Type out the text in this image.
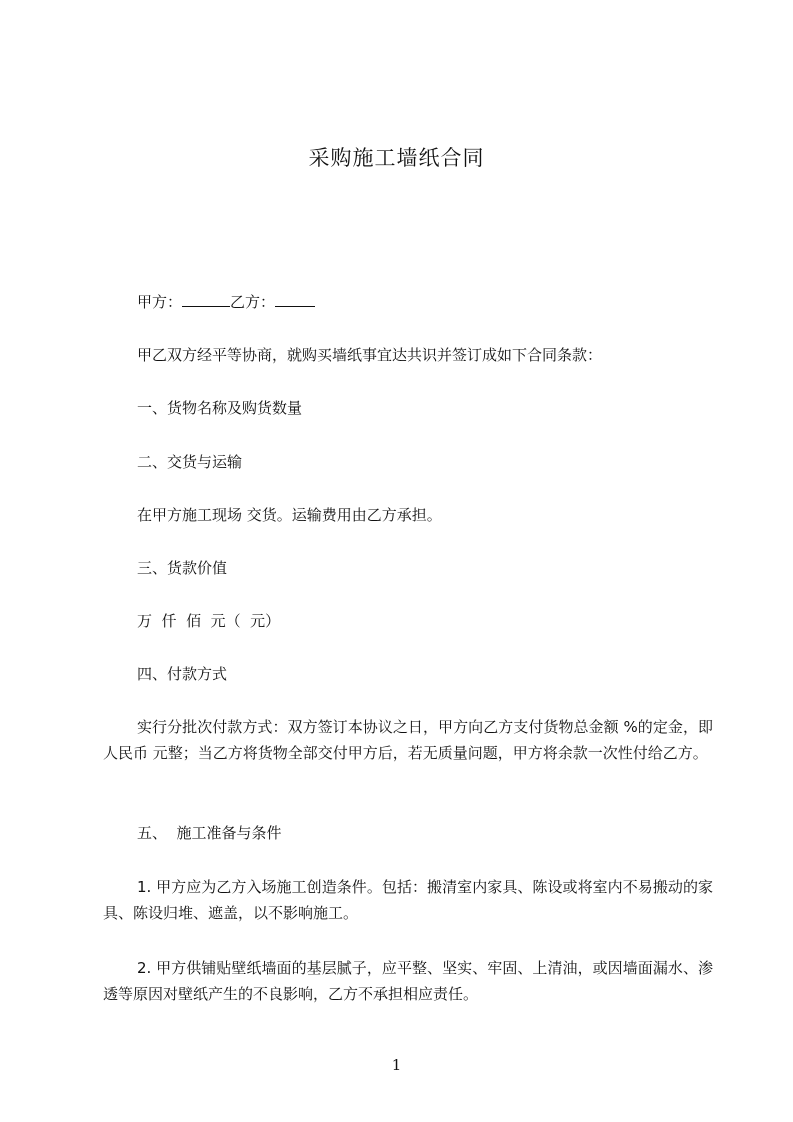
采购施工墙纸合同
甲方：	乙方：
甲乙双方经平等协商，就购买墙纸事宜达共识并签订成如下合同条款：
一、货物名称及购货数量
二、交货与运输
在甲方施工现场 交货。运输费用由乙方承担。
三、货款价值
万  仟  佰  元（  元）
四、付款方式
实行分批次付款方式：双方签订本协议之日，甲方向乙方支付货物总金额 %的定金，即人民币 元整；当乙方将货物全部交付甲方后，若无质量问题，甲方将余款一次性付给乙方。
五、  施工准备与条件
1. 甲方应为乙方入场施工创造条件。包括：搬清室内家具、陈设或将室内不易搬动的家具、陈设归堆、遮盖，以不影响施工。
2. 甲方供铺贴壁纸墙面的基层腻子，应平整、坚实、牢固、上清油，或因墙面漏水、渗透等原因对壁纸产生的不良影响，乙方不承担相应责任。
1
